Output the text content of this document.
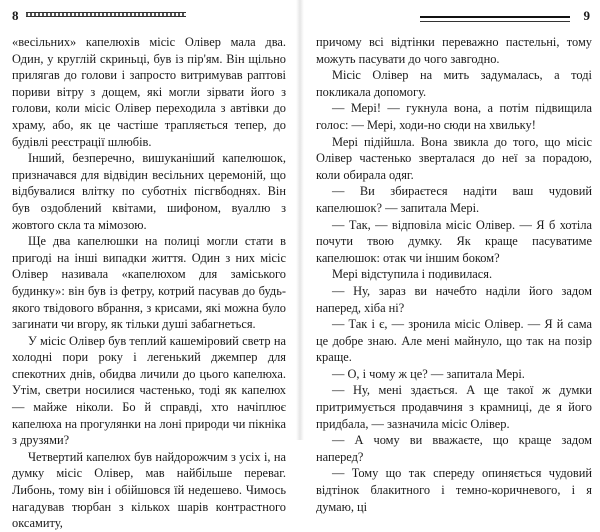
8

«весільних» капелюхів місіс Олівер мала два. Один, у круглій скриньці, був із пір'ям. Він щільно прилягав до голови і запросто витримував раптові пориви вітру з дощем, які могли зірвати його з голови, коли місіс Олівер переходила з автівки до храму, або, як це частіше трапляється тепер, до будівлі реєстрації шлюбів.

Інший, безперечно, вишуканіший капелюшок, призначався для відвідин весільних церемоній, що відбувалися влітку по суботніх пісгвбоднях. Він був оздоблений квітами, шифоном, вуаллю з жовтого скла та мімозою.

Ще два капелюшки на полиці могли стати в пригоді на інші випадки життя. Один з них місіс Олівер називала «капелюхом для заміського будинку»: він був із фетру, котрий пасував до будь-якого твідового вбрання, з крисами, які можна було загинати чи вгору, як тільки душі забагнеться.

У місіс Олівер був теплий кашеміровий светр на холодні пори року і легенький джемпер для спекотних днів, обидва личили до цього капелюха. Утім, светри носилися частенько, тоді як капелюх — майже ніколи. Бо й справді, хто начіплює капелюха на прогулянки на лоні природи чи пікніка з друзями?

Четвертий капелюх був найдорожчим з усіх і, на думку місіс Олівер, мав найбільше переваг. Либонь, тому він і обійшовся їй недешево. Чимось нагадував тюрбан з кількох шарів контрастного оксамиту,

9

причому всі відтінки переважно пастельні, тому можуть пасувати до чого завгодно.

Місіс Олівер на мить задумалась, а тоді покликала допомогу.

— Мері! — гукнула вона, а потім підвищила голос: — Мері, ходи-но сюди на хвильку!

Мері підійшла. Вона звикла до того, що місіс Олівер частенько зверталася до неї за порадою, коли обирала одяг.

— Ви збираєтеся надіти ваш чудовий капелюшок? — запитала Мері.

— Так, — відповіла місіс Олівер. — Я б хотіла почути твою думку. Як краще пасуватиме капелюшок: отак чи іншим боком?

Мері відступила і подивилася.

— Ну, зараз ви начебто наділи його задом наперед, хіба ні?

— Так і є, — зронила місіс Олівер. — Я й сама це добре знаю. Але мені майнуло, що так на позір краще.

— О, і чому ж це? — запитала Мері.

— Ну, мені здається. А ще такої ж думки притримується продавчиня з крамниці, де я його придбала, — зазначила місіс Олівер.

— А чому ви вважаєте, що краще задом наперед?

— Тому що так спереду опиняється чудовий відтінок блакитного і темно-коричневого, і я думаю, ці
